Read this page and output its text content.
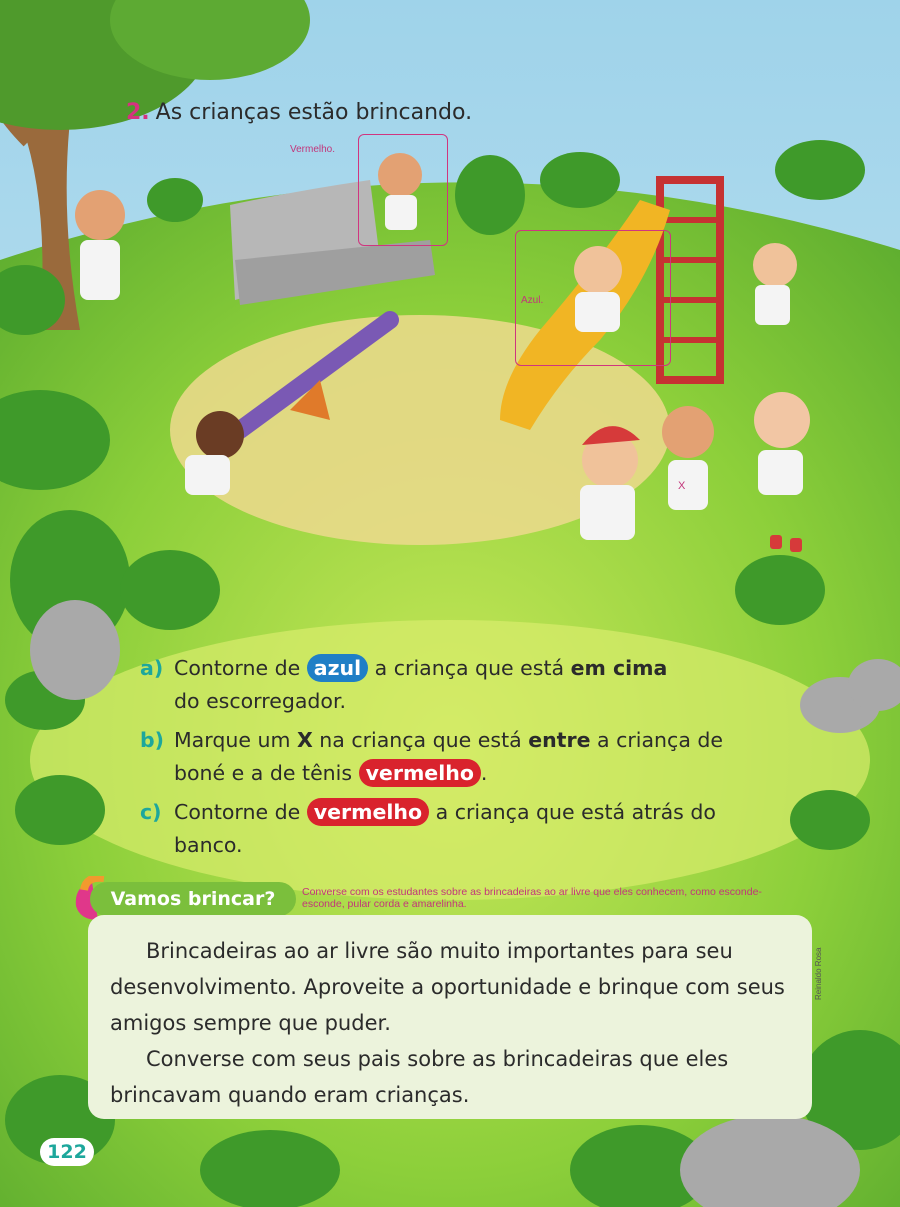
Vermelho.
Azul.
X
2. As crianças estão brincando.
a) Contorne de azul a criança que está em cima
do escorregador.
b) Marque um X na criança que está entre a criança de boné e a de tênis vermelho .
c) Contorne de vermelho a criança que está atrás do banco.
Vamos brincar?	Converse com os estudantes sobre as brincadeiras ao ar livre que eles conhecem, como esconde-esconde, pular corda e amarelinha.

Brincadeiras ao ar livre são muito importantes para seu desenvolvimento. Aproveite a oportunidade e brinque com seus amigos sempre que puder.

Converse com seus pais sobre as brincadeiras que eles brincavam quando eram crianças.

Reinaldo Rosa
122
